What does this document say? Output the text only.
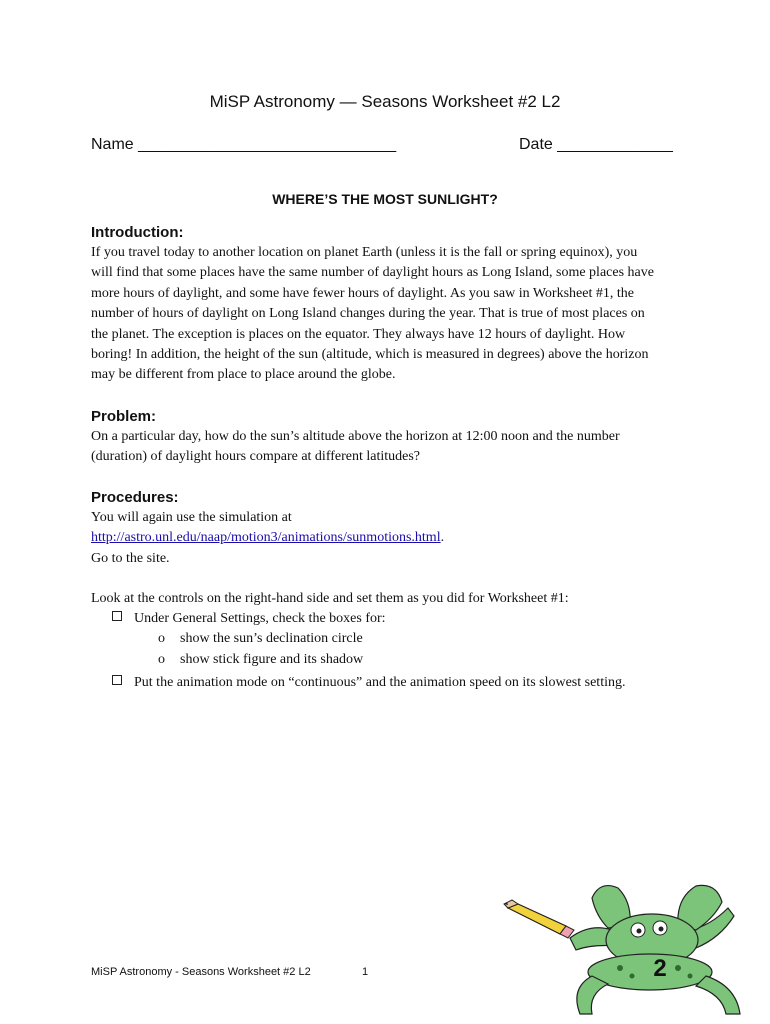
MiSP Astronomy — Seasons Worksheet #2 L2
Name _____________________________	Date _____________
WHERE’S THE MOST SUNLIGHT?
Introduction:
If you travel today to another location on planet Earth (unless it is the fall or spring equinox), you
will find that some places have the same number of daylight hours as Long Island, some places have
more hours of daylight, and some have fewer hours of daylight. As you saw in Worksheet #1, the
number of hours of daylight on Long Island changes during the year. That is true of most places on
the planet. The exception is places on the equator. They always have 12 hours of daylight. How
boring! In addition, the height of the sun (altitude, which is measured in degrees) above the horizon
may be different from place to place around the globe.
Problem:
On a particular day, how do the sun’s altitude above the horizon at 12:00 noon and the number
(duration) of daylight hours compare at different latitudes?
Procedures:
You will again use the simulation at
http://astro.unl.edu/naap/motion3/animations/sunmotions.html.
Go to the site.
Look at the controls on the right-hand side and set them as you did for Worksheet #1:
Under General Settings, check the boxes for:
o show the sun’s declination circle
o show stick figure and its shadow
Put the animation mode on “continuous” and the animation speed on its slowest setting.
MiSP Astronomy - Seasons Worksheet #2 L2	1	2
